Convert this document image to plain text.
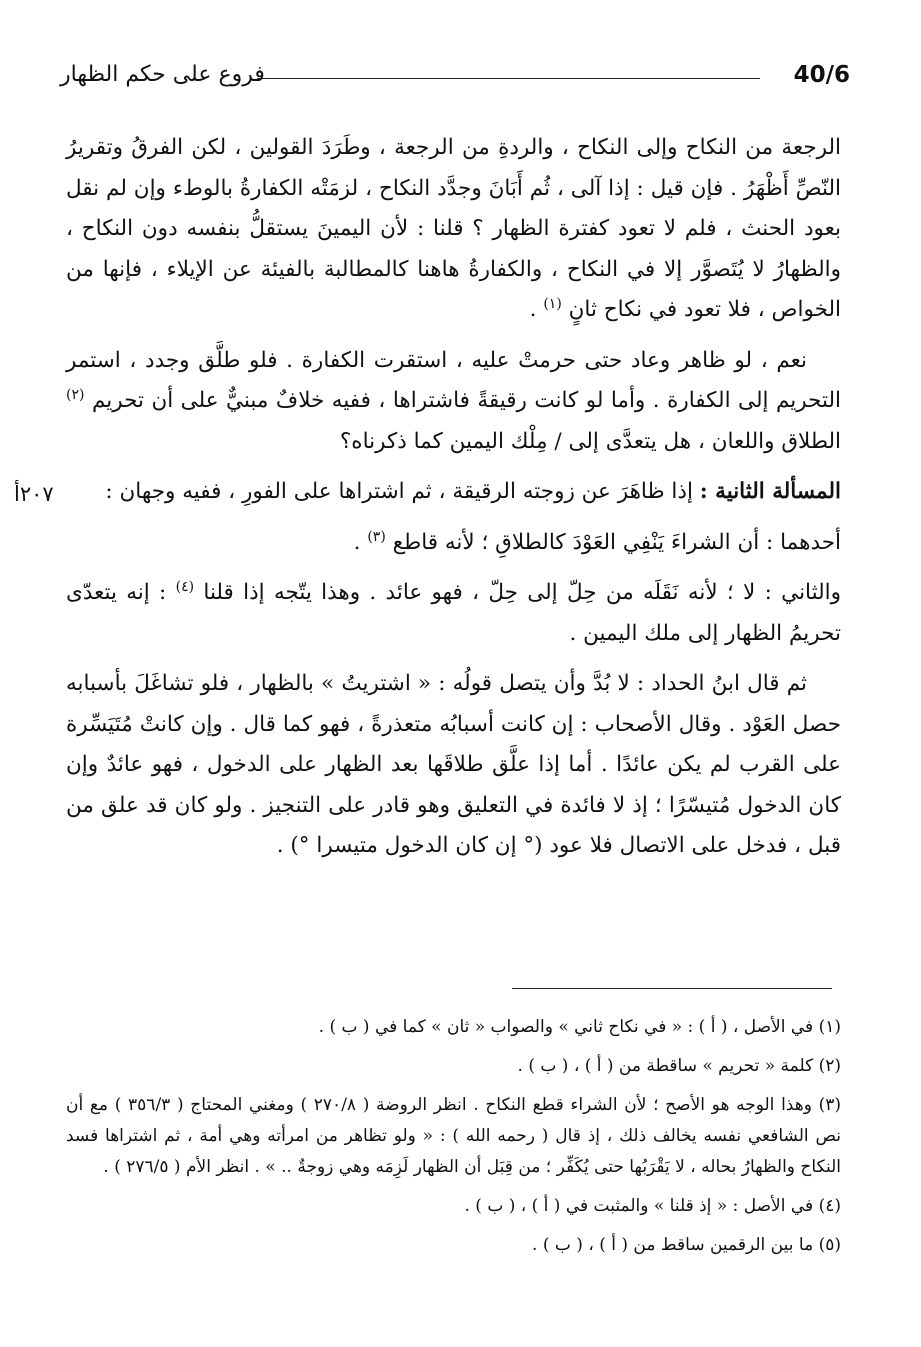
فروع على حكم الظهار	40/6
٢٠٧أ

الرجعة من النكاح وإلى النكاح ، والردةِ من الرجعة ، وطَرَدَ القولين ، لكن الفرقُ وتقريرُ النّصِّ أَظْهَرُ . فإن قيل : إذا آلى ، ثُم أَبَانَ وجدَّد النكاح ، لزمَتْه الكفارةُ بالوطء وإن لم نقل بعود الحنث ، فلم لا تعود كفترة الظهار ؟ قلنا : لأن اليمينَ يستقلُّ بنفسه دون النكاح ، والظهارُ لا يُتَصوَّر إلا في النكاح ، والكفارةُ هاهنا كالمطالبة بالفيئة عن الإيلاء ، فإنها من الخواص ، فلا تعود في نكاح ثانٍ $^{(١)}$ .

نعم ، لو ظاهر وعاد حتى حرمتْ عليه ، استقرت الكفارة . فلو طلَّق وجدد ، استمر التحريم إلى الكفارة . وأما لو كانت رقيقةً فاشتراها ، ففيه خلافٌ مبنيٌّ على أن تحريم $^{(٢)}$ الطلاق واللعان ، هل يتعدَّى إلى / مِلْك اليمين كما ذكرناه؟

المسألة الثانية : إذا ظاهَرَ عن زوجته الرقيقة ، ثم اشتراها على الفورِ ، ففيه وجهان :

أحدهما : أن الشراءَ يَنْفِي العَوْدَ كالطلاقِ ؛ لأنه قاطع $^{(٣)}$ .

والثاني : لا ؛ لأنه نَقَلَه من حِلّ إلى حِلّ ، فهو عائد . وهذا يتّجه إذا قلنا $^{(٤)}$ : إنه يتعدّى تحريمُ الظهار إلى ملك اليمين .

ثم قال ابنُ الحداد : لا بُدَّ وأن يتصل قولُه : « اشتريتُ » بالظهار ، فلو تشاغَلَ بأسبابه حصل العَوْد . وقال الأصحاب : إن كانت أسبابُه متعذرةً ، فهو كما قال . وإن كانتْ مُتَيَسِّرة على القرب لم يكن عائدًا . أما إذا علَّق طلاقَها بعد الظهار على الدخول ، فهو عائدٌ وإن كان الدخول مُتيسّرًا ؛ إذ لا فائدة في التعليق وهو قادر على التنجيز . ولو كان قد علق من قبل ، فدخل على الاتصال فلا عود (° إن كان الدخول متيسرا °) .

(١) في الأصل ، ( أ ) : « في نكاح ثاني » والصواب « ثان » كما في ( ب ) .

(٢) كلمة « تحريم » ساقطة من ( أ ) ، ( ب ) .

(٣) وهذا الوجه هو الأصح ؛ لأن الشراء قطع النكاح . انظر الروضة ( ٢٧٠/٨ ) ومغني المحتاج ( ٣٥٦/٣ ) مع أن نص الشافعي نفسه يخالف ذلك ، إذ قال ( رحمه الله ) : « ولو تظاهر من امرأته وهي أمة ، ثم اشتراها فسد النكاح والظهارُ بحاله ، لا يَقْرَبُها حتى يُكَفِّر ؛ من قِبَل أن الظهار لَزِمَه وهي زوجةٌ .. » . انظر الأم ( ٢٧٦/٥ ) .

(٤) في الأصل : « إذ قلنا » والمثبت في ( أ ) ، ( ب ) .

(٥) ما بين الرقمين ساقط من ( أ ) ، ( ب ) .
